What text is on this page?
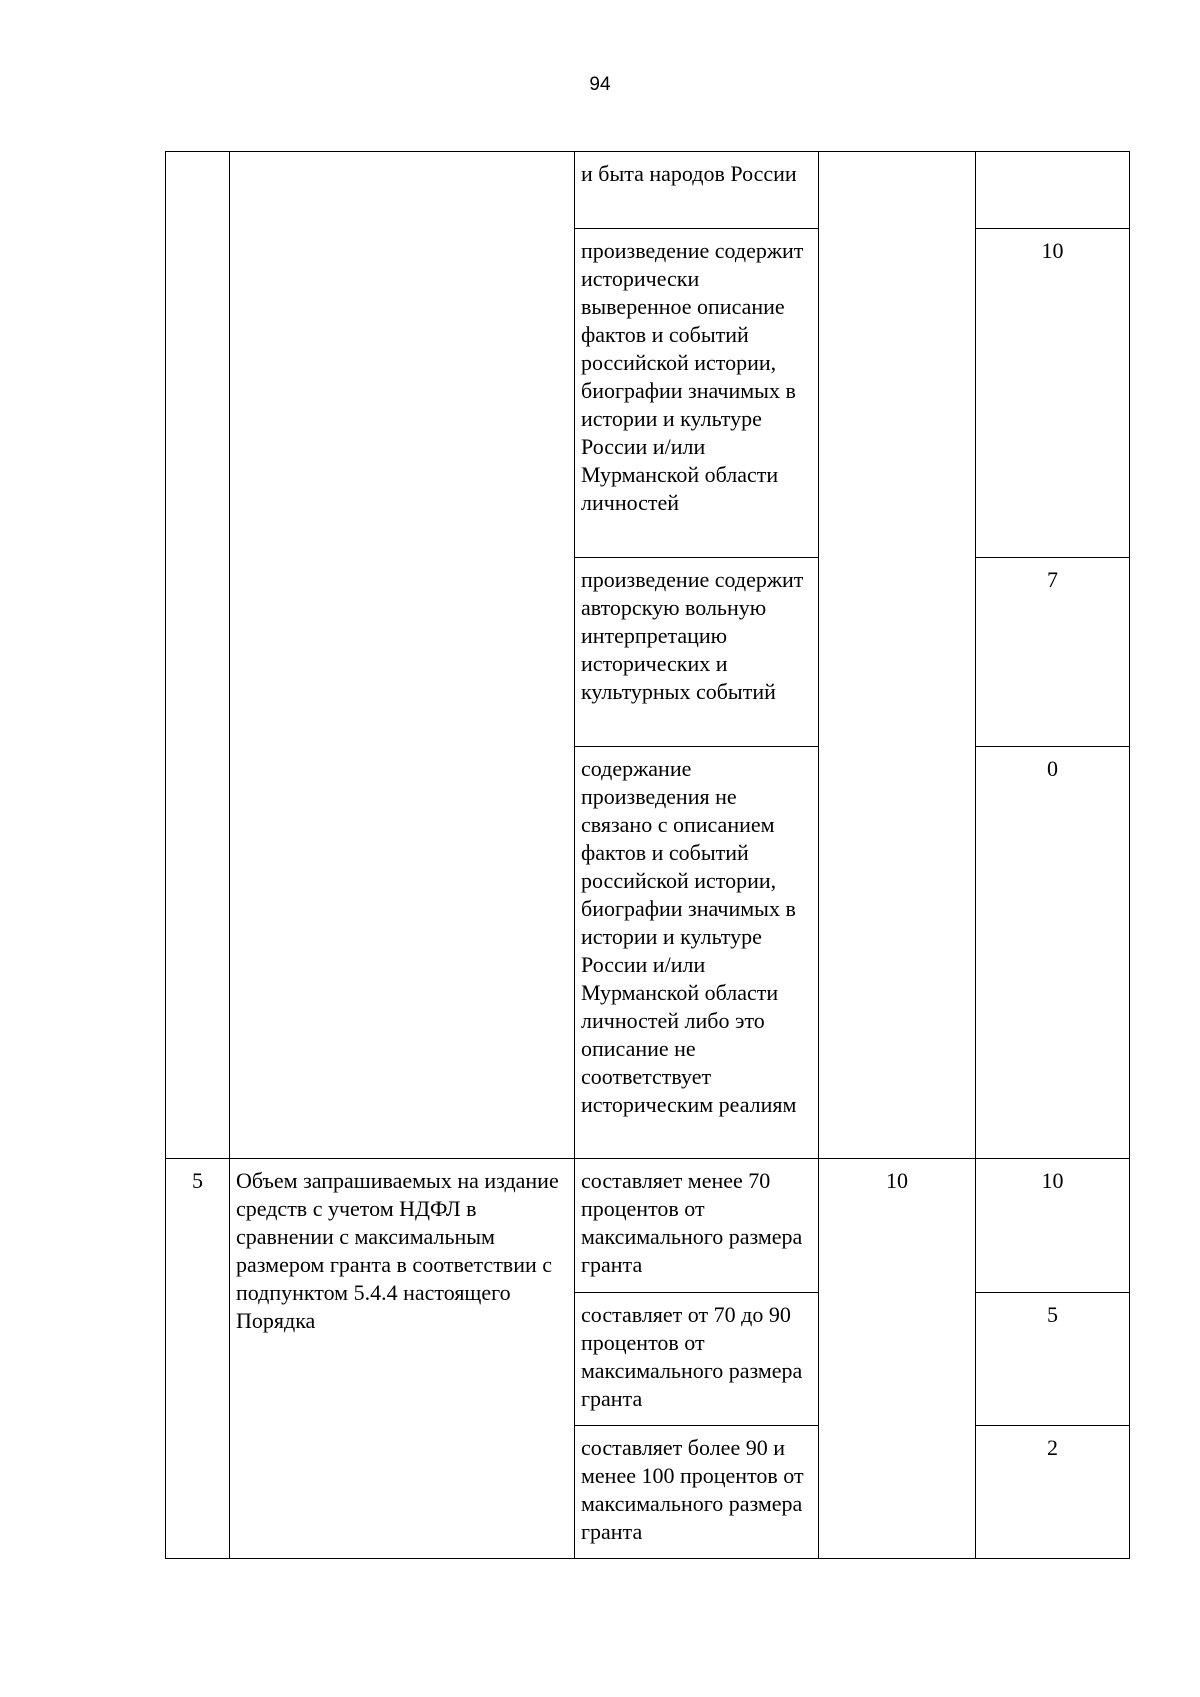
94
		и быта народов России		
		произведение содержит исторически выверенное описание фактов и событий российской истории, биографии значимых в истории и культуре России и/или Мурманской области личностей		10
		произведение содержит авторскую вольную интерпретацию исторических и культурных событий		7
		содержание произведения не связано с описанием фактов и событий российской истории, биографии значимых в истории и культуре России и/или Мурманской области личностей либо это описание не соответствует историческим реалиям		0
5	Объем запрашиваемых на издание средств с учетом НДФЛ в сравнении с максимальным размером гранта в соответствии с подпунктом 5.4.4 настоящего Порядка	составляет менее 70 процентов от максимального размера гранта	10	10
		составляет от 70 до 90 процентов от максимального размера гранта		5
		составляет более 90 и менее 100 процентов от максимального размера гранта		2
